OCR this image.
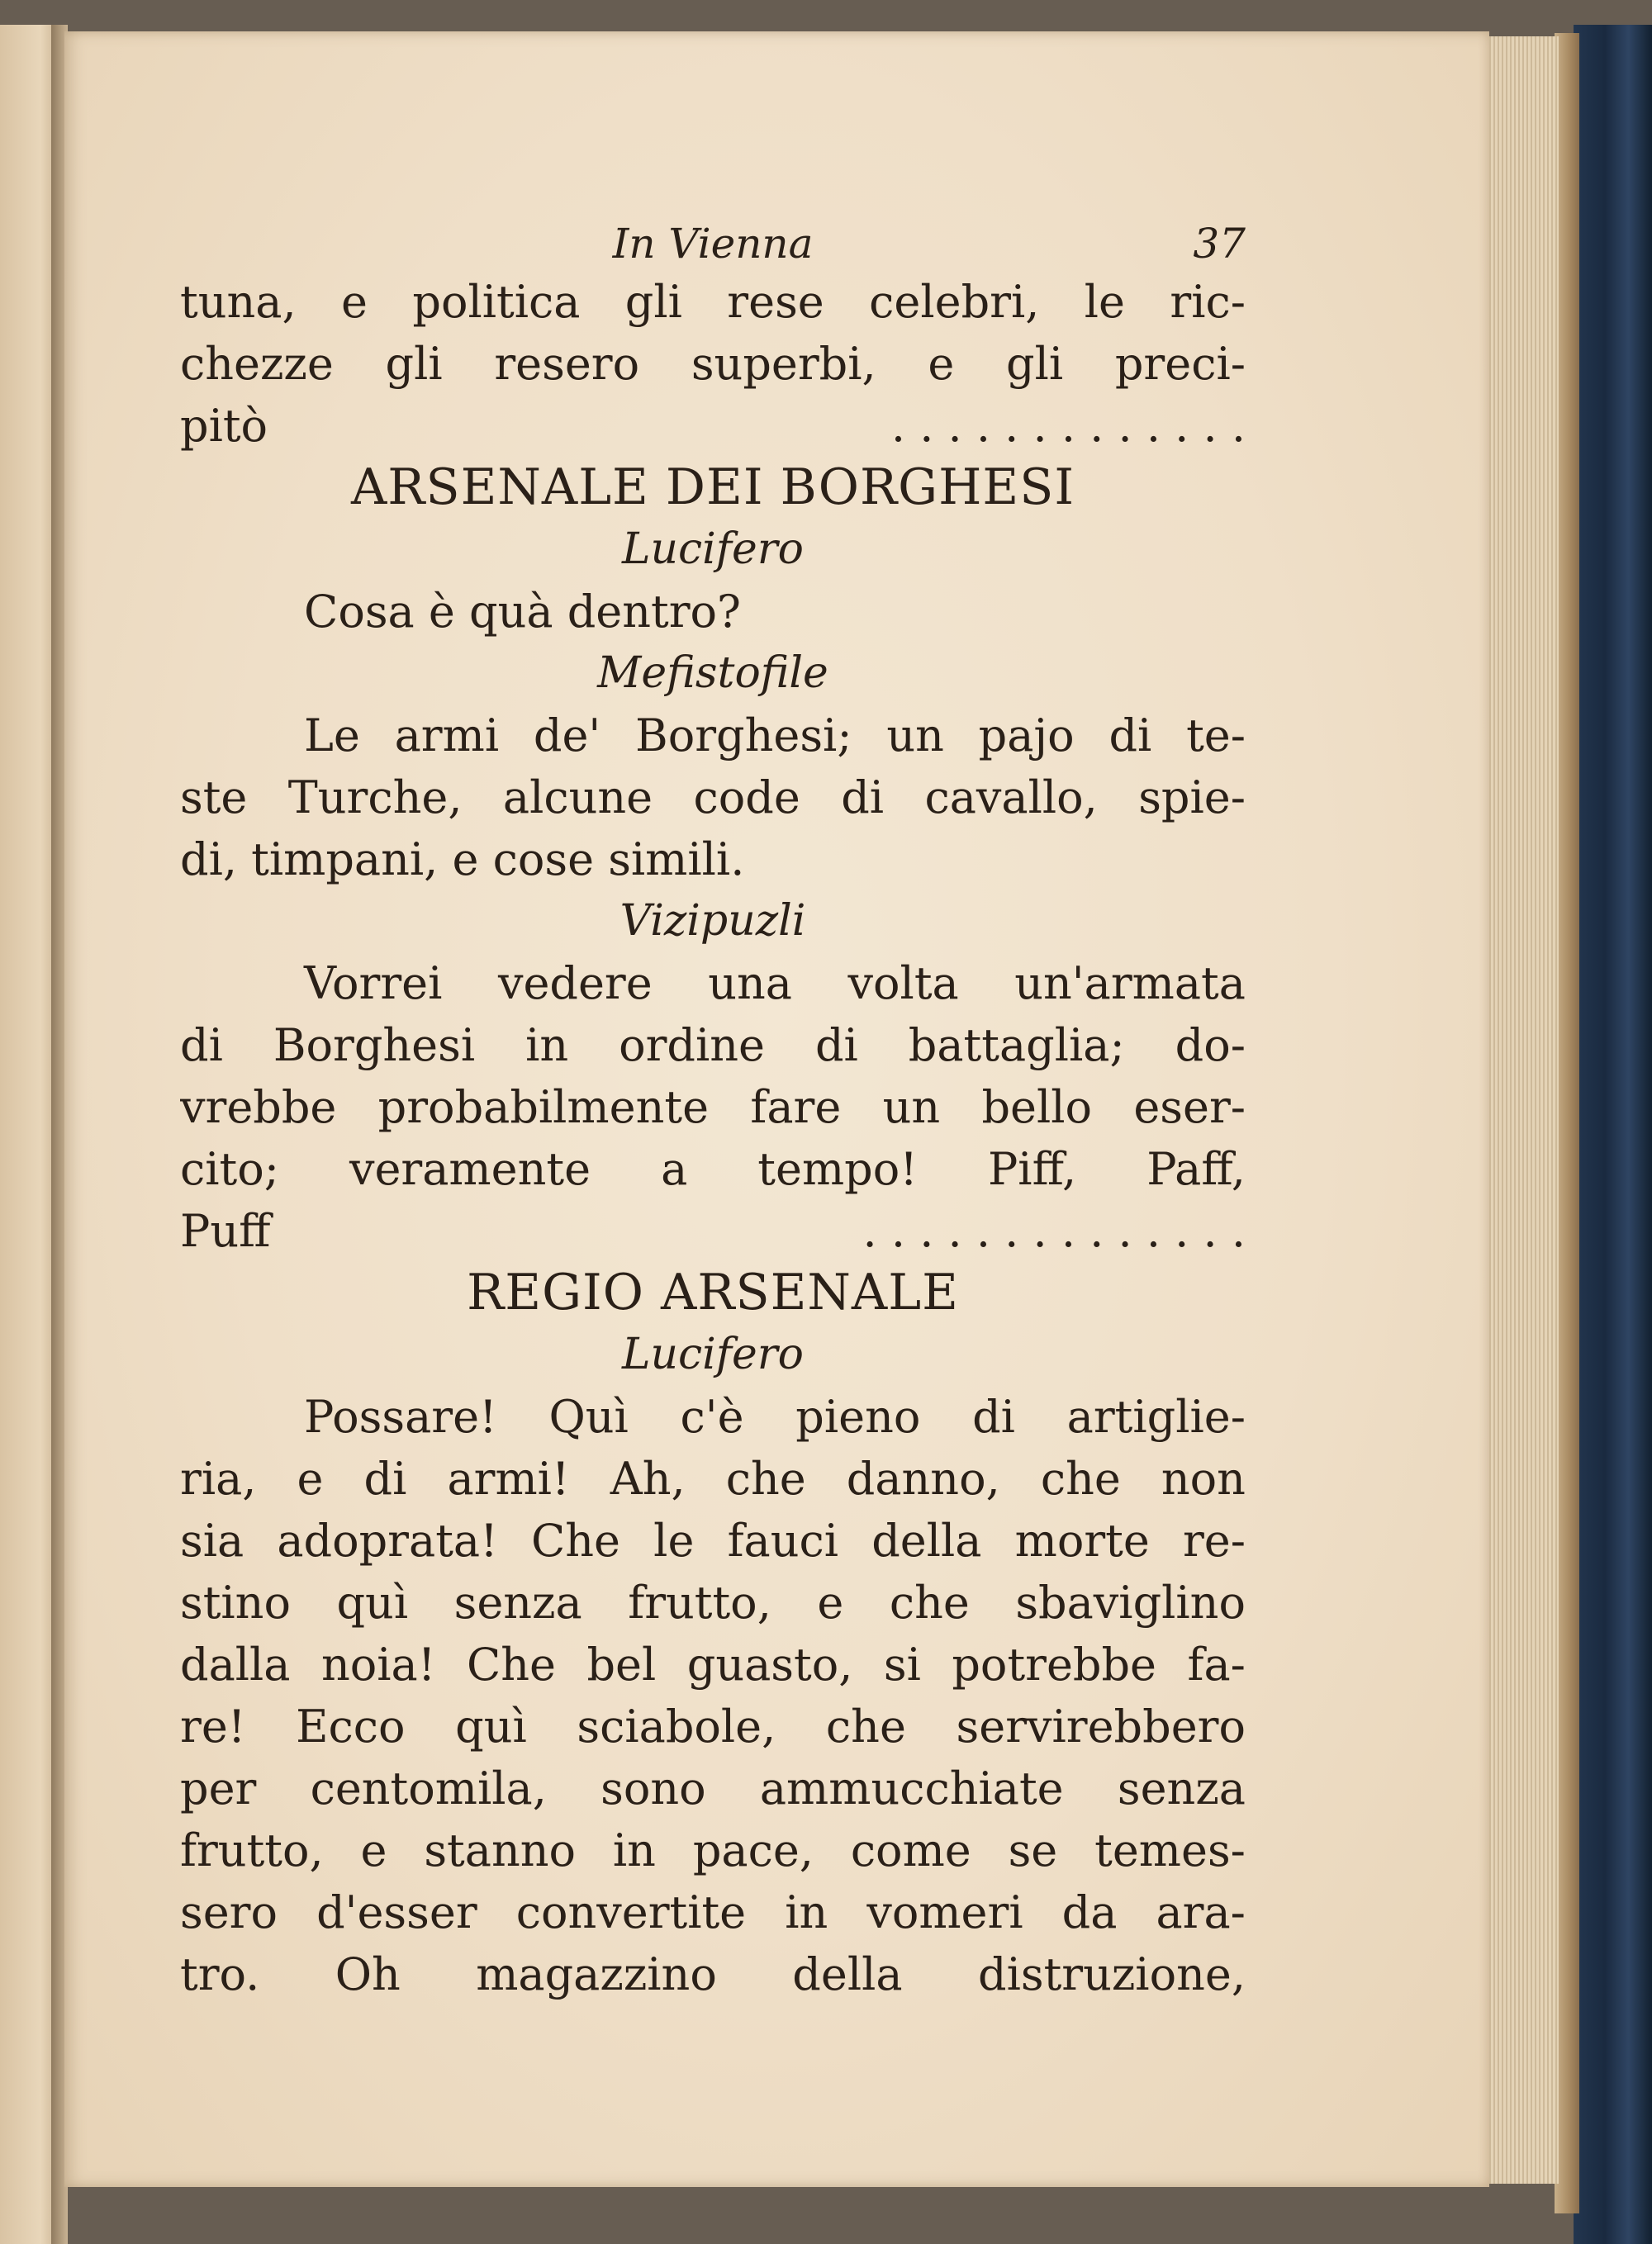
In Vienna	37
tuna, e politica gli rese celebri, le ric-
chezze gli resero superbi, e gli preci-
pitò	. . . . . . . . . . . . .
ARSENALE DEI BORGHESI
Lucifero
Cosa è quà dentro?
Mefistofile
Le armi de' Borghesi; un pajo di te-
ste Turche, alcune code di cavallo, spie-
di, timpani, e cose simili.
Vizipuzli
Vorrei vedere una volta un'armata
di Borghesi in ordine di battaglia; do-
vrebbe probabilmente fare un bello eser-
cito; veramente a tempo! Piff, Paff,
Puff	. . . . . . . . . . . . . .
REGIO ARSENALE
Lucifero
Possare! Quì c'è pieno di artiglie-
ria, e di armi! Ah, che danno, che non
sia adoprata! Che le fauci della morte re-
stino quì senza frutto, e che sbaviglino
dalla noia! Che bel guasto, si potrebbe fa-
re! Ecco quì sciabole, che servirebbero
per centomila, sono ammucchiate senza
frutto, e stanno in pace, come se temes-
sero d'esser convertite in vomeri da ara-
tro. Oh magazzino della distruzione,
